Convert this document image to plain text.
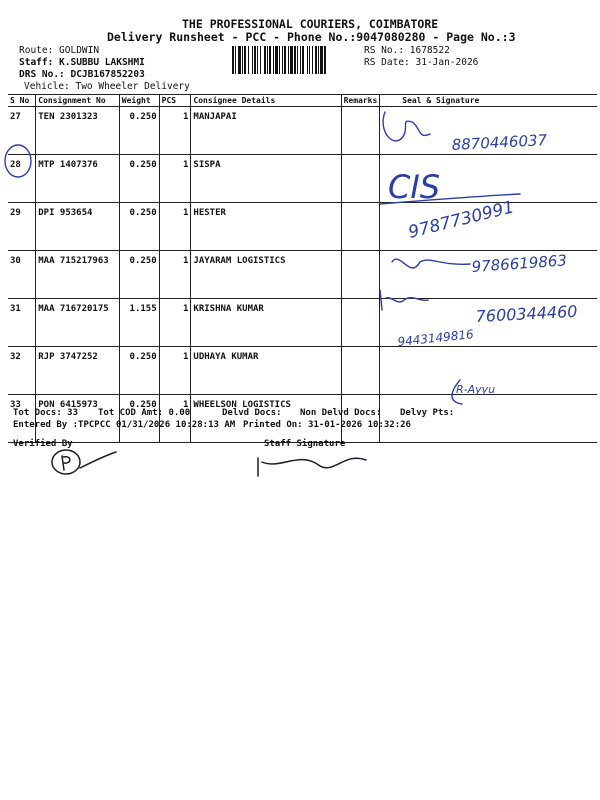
THE PROFESSIONAL COURIERS, COIMBATORE
Delivery Runsheet - PCC - Phone No.:9047080280 - Page No.:3
Route: GOLDWIN
Staff: K.SUBBU LAKSHMI
DRS No.: DCJB167852203
Vehicle: Two Wheeler Delivery
RS No.: 1678522
RS Date: 31-Jan-2026
S No	Consignment No	Weight	PCS	Consignee Details	Remarks	Seal & Signature
27	TEN 2301323	0.250	1	MANJAPAI		
28	MTP 1407376	0.250	1	SISPA		
29	DPI 953654	0.250	1	HESTER		
30	MAA 715217963	0.250	1	JAYARAM LOGISTICS		
31	MAA 716720175	1.155	1	KRISHNA KUMAR		
32	RJP 3747252	0.250	1	UDHAYA KUMAR		
33	PON 6415973	0.250	1	WHEELSON LOGISTICS		
8870446037
CIS
9787730991
9786619863
7600344460
9443149816
R-Ayyu
Tot Docs: 33 Tot COD Amt: 0.00	Delvd Docs: Non Delvd Docs: Delvy Pts:
Entered By :TPCPCC 01/31/2026 10:28:13 AM Printed On: 31-01-2026 10:32:26
Verified By	Staff Signature
